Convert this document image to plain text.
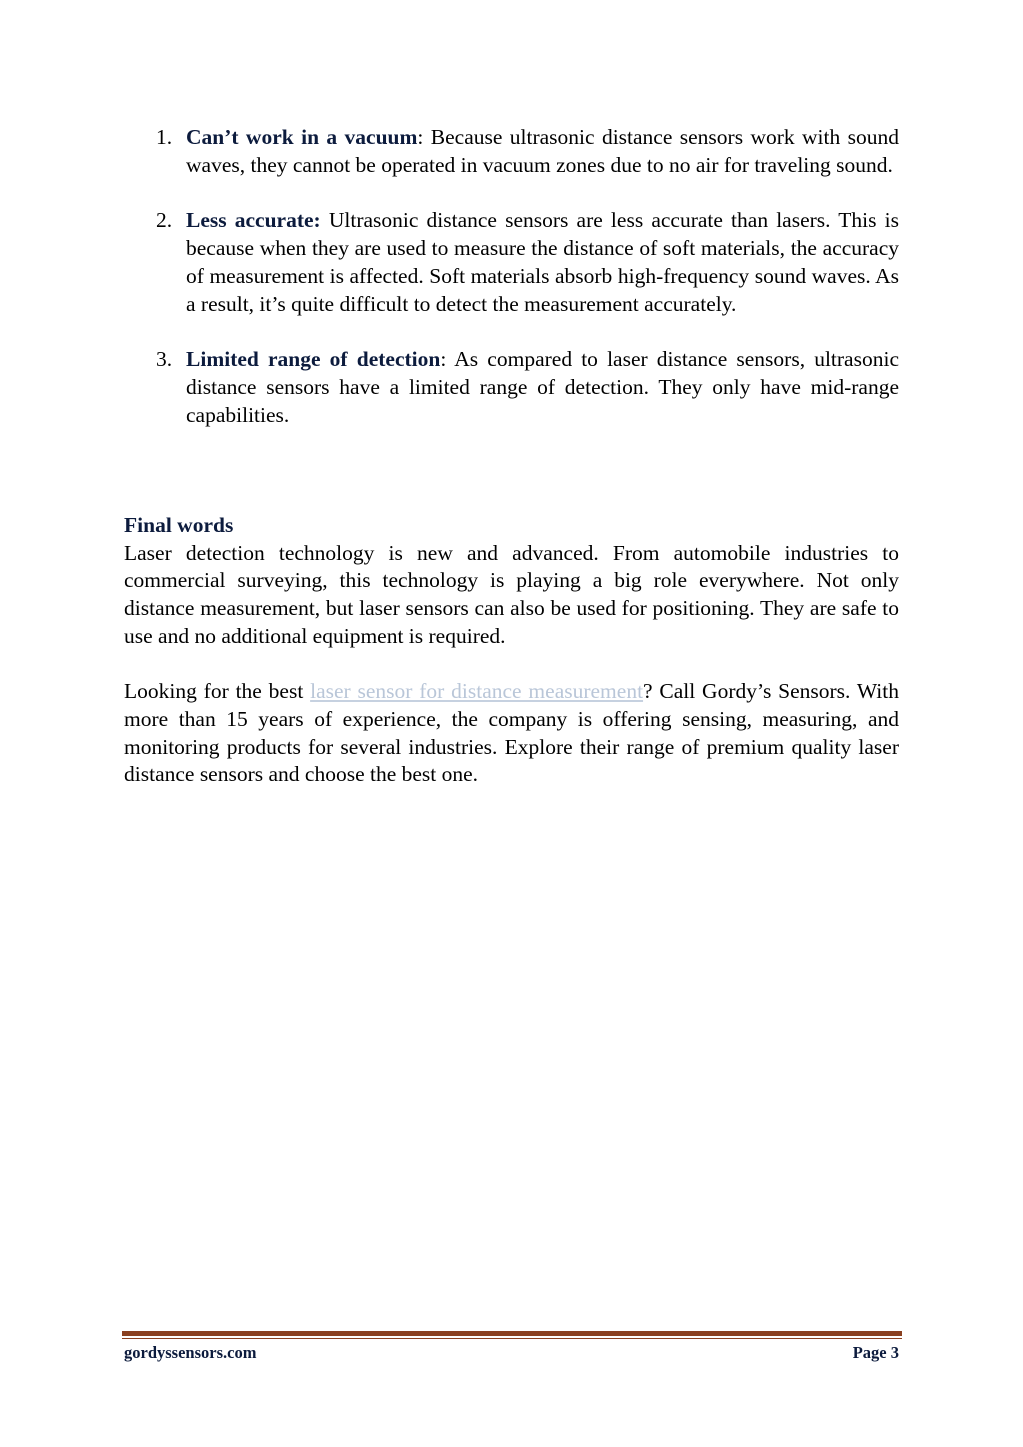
1. Can’t work in a vacuum: Because ultrasonic distance sensors work with sound waves, they cannot be operated in vacuum zones due to no air for traveling sound.
2. Less accurate: Ultrasonic distance sensors are less accurate than lasers. This is because when they are used to measure the distance of soft materials, the accuracy of measurement is affected. Soft materials absorb high-frequency sound waves. As a result, it’s quite difficult to detect the measurement accurately.
3. Limited range of detection: As compared to laser distance sensors, ultrasonic distance sensors have a limited range of detection. They only have mid-range capabilities.
Final words

Laser detection technology is new and advanced. From automobile industries to commercial surveying, this technology is playing a big role everywhere. Not only distance measurement, but laser sensors can also be used for positioning. They are safe to use and no additional equipment is required.

Looking for the best laser sensor for distance measurement? Call Gordy’s Sensors. With more than 15 years of experience, the company is offering sensing, measuring, and monitoring products for several industries. Explore their range of premium quality laser distance sensors and choose the best one.

gordyssensors.com	Page 3
